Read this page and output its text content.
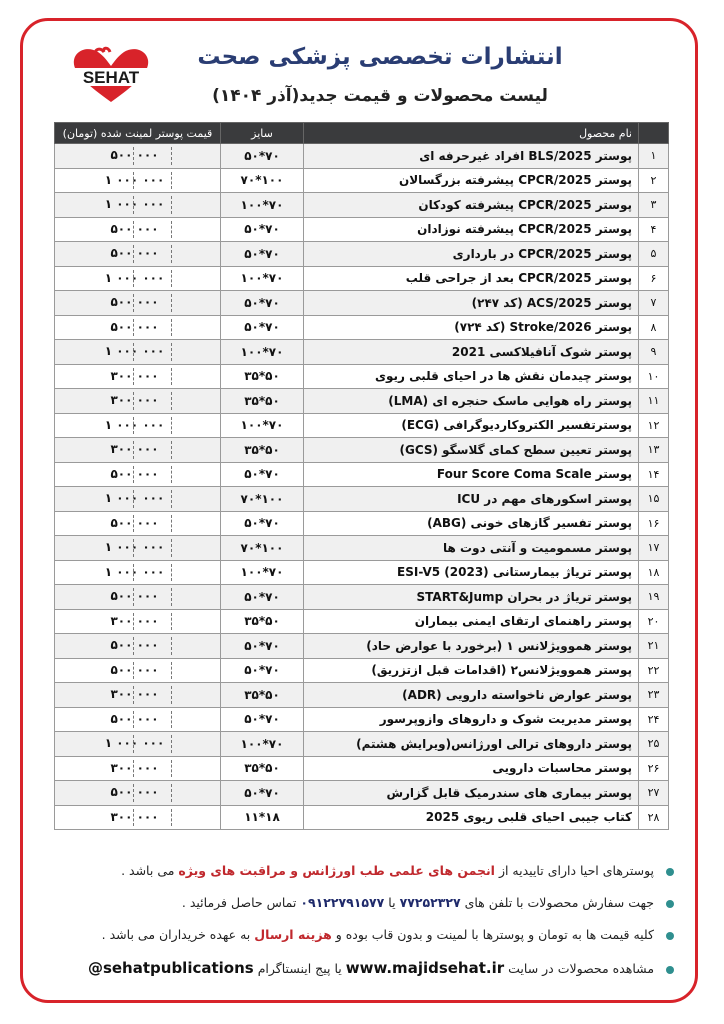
SEHAT
انتشارات تخصصی پزشکی صحت
لیست محصولات و قیمت جدید(آذر ۱۴۰۴)
	نام محصول	سایز	قیمت پوستر لمینت شده (تومان)
۱	پوستر BLS/2025 افراد غیرحرفه ای	۵۰*۷۰	۵۰۰ ۰۰۰

۲	پوستر CPCR/2025 پیشرفته بزرگسالان	۷۰*۱۰۰	۱ ۰۰۰ ۰۰۰

۳	پوستر CPCR/2025 پیشرفته کودکان	۱۰۰*۷۰	۱ ۰۰۰ ۰۰۰

۴	پوستر CPCR/2025 پیشرفته نوزادان	۵۰*۷۰	۵۰۰ ۰۰۰

۵	پوستر CPCR/2025 در بارداری	۵۰*۷۰	۵۰۰ ۰۰۰

۶	پوستر CPCR/2025 بعد از جراحی قلب	۱۰۰*۷۰	۱ ۰۰۰ ۰۰۰

۷	پوستر ACS/2025 (کد ۲۴۷)	۵۰*۷۰	۵۰۰ ۰۰۰

۸	پوستر Stroke/2026 (کد ۷۲۴)	۵۰*۷۰	۵۰۰ ۰۰۰

۹	پوستر شوک آنافیلاکسی 2021	۱۰۰*۷۰	۱ ۰۰۰ ۰۰۰

۱۰	پوستر چیدمان نقش ها در احیای قلبی ریوی	۳۵*۵۰	۳۰۰ ۰۰۰

۱۱	پوستر راه هوایی ماسک حنجره ای (LMA)	۳۵*۵۰	۳۰۰ ۰۰۰

۱۲	پوسترتفسیر الکتروکاردیوگرافی (ECG)	۱۰۰*۷۰	۱ ۰۰۰ ۰۰۰

۱۳	پوستر تعیین سطح کمای گلاسگو (GCS)	۳۵*۵۰	۳۰۰ ۰۰۰

۱۴	پوستر Four Score Coma Scale	۵۰*۷۰	۵۰۰ ۰۰۰

۱۵	پوستر اسکورهای مهم در ICU	۷۰*۱۰۰	۱ ۰۰۰ ۰۰۰

۱۶	پوستر تفسیر گازهای خونی (ABG)	۵۰*۷۰	۵۰۰ ۰۰۰

۱۷	پوستر مسمومیت و آنتی دوت ها	۷۰*۱۰۰	۱ ۰۰۰ ۰۰۰

۱۸	پوستر تریاژ بیمارستانی (2023) ESI-V5	۱۰۰*۷۰	۱ ۰۰۰ ۰۰۰

۱۹	پوستر تریاژ در بحران START&Jump	۵۰*۷۰	۵۰۰ ۰۰۰

۲۰	پوستر راهنمای ارتقای ایمنی بیماران	۳۵*۵۰	۳۰۰ ۰۰۰

۲۱	پوستر هموویژلانس ۱ (برخورد با عوارض حاد)	۵۰*۷۰	۵۰۰ ۰۰۰

۲۲	پوستر هموویژلانس۲ (اقدامات قبل ازتزریق)	۵۰*۷۰	۵۰۰ ۰۰۰

۲۳	پوستر عوارض ناخواسته دارویی (ADR)	۳۵*۵۰	۳۰۰ ۰۰۰

۲۴	پوستر مدیریت شوک و داروهای وازوپرسور	۵۰*۷۰	۵۰۰ ۰۰۰

۲۵	پوستر داروهای ترالی اورژانس(ویرایش هشتم)	۱۰۰*۷۰	۱ ۰۰۰ ۰۰۰

۲۶	پوستر محاسبات دارویی	۳۵*۵۰	۳۰۰ ۰۰۰

۲۷	پوستر بیماری های سندرمیک قابل گزارش	۵۰*۷۰	۵۰۰ ۰۰۰

۲۸	کتاب جیبی احیای قلبی ریوی 2025	۱۱*۱۸	۳۰۰ ۰۰۰
پوسترهای احیا دارای تاییدیه از انجمن های علمی طب اورژانس و مراقبت های ویژه می باشد .
جهت سفارش محصولات با تلفن های ۷۷۲۵۲۳۲۷ یا ۰۹۱۲۲۷۹۱۵۷۷ تماس حاصل فرمائید .
کلیه قیمت ها به تومان و پوسترها با لمینت و بدون قاب بوده و هزینه ارسال به عهده خریداران می باشد .
مشاهده محصولات در سایت www.majidsehat.ir یا پیج اینستاگرام @sehatpublications
